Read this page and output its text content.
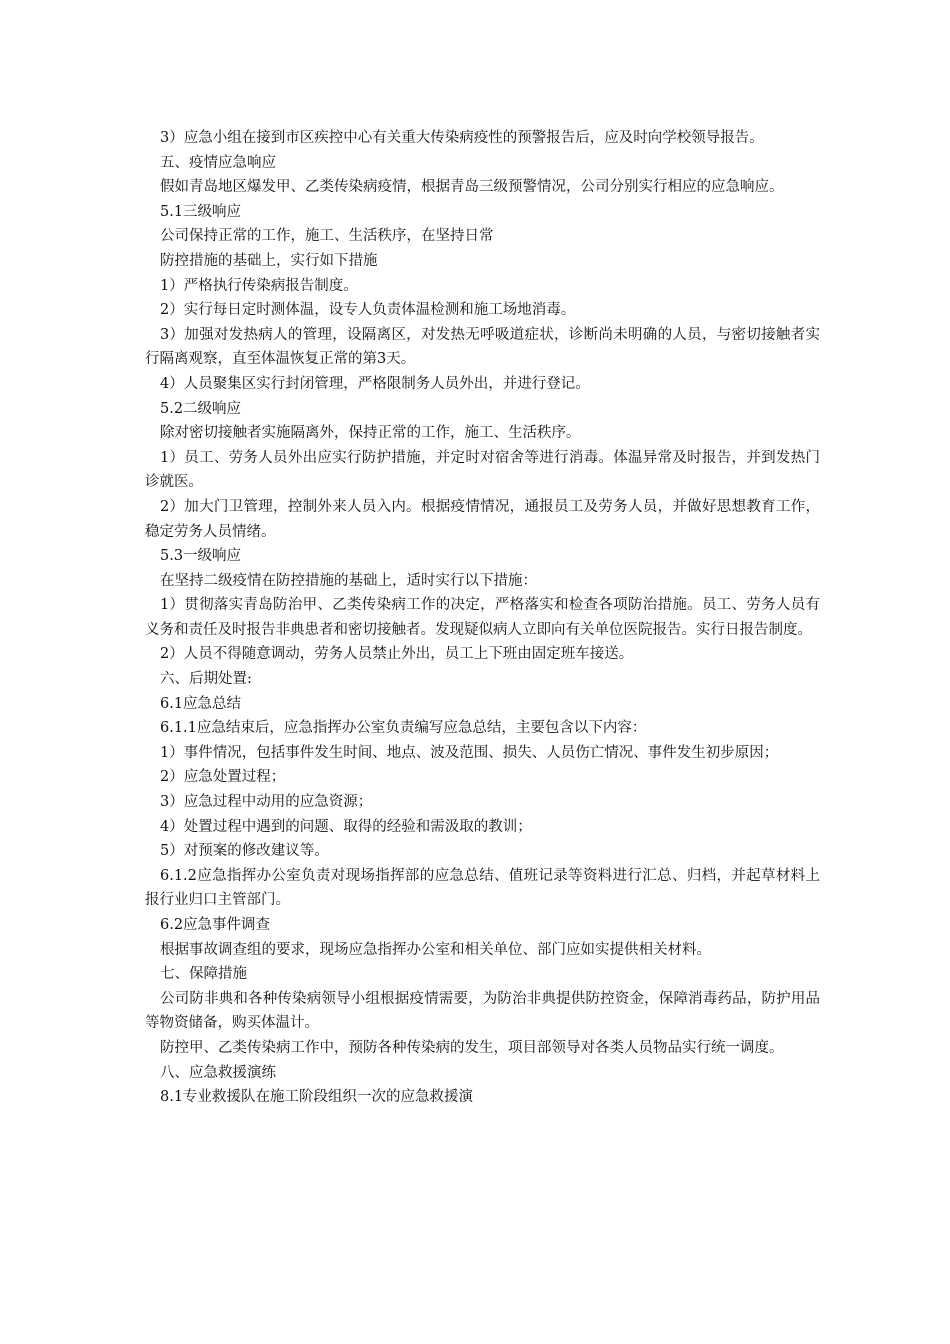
3）应急小组在接到市区疾控中心有关重大传染病疫性的预警报告后，应及时向学校领导报告。

五、疫情应急响应

假如青岛地区爆发甲、乙类传染病疫情，根据青岛三级预警情况，公司分别实行相应的应急响应。

5.1三级响应

公司保持正常的工作，施工、生活秩序，在坚持日常

防控措施的基础上，实行如下措施

1）严格执行传染病报告制度。

2）实行每日定时测体温，设专人负责体温检测和施工场地消毒。

3）加强对发热病人的管理，设隔离区，对发热无呼吸道症状，诊断尚未明确的人员，与密切接触者实行隔离观察，直至体温恢复正常的第3天。

4）人员聚集区实行封闭管理，严格限制务人员外出，并进行登记。

5.2二级响应

除对密切接触者实施隔离外，保持正常的工作，施工、生活秩序。

1）员工、劳务人员外出应实行防护措施，并定时对宿舍等进行消毒。体温异常及时报告，并到发热门诊就医。

2）加大门卫管理，控制外来人员入内。根据疫情情况，通报员工及劳务人员，并做好思想教育工作，稳定劳务人员情绪。

5.3一级响应

在坚持二级疫情在防控措施的基础上，适时实行以下措施：

1）贯彻落实青岛防治甲、乙类传染病工作的决定，严格落实和检查各项防治措施。员工、劳务人员有义务和责任及时报告非典患者和密切接触者。发现疑似病人立即向有关单位医院报告。实行日报告制度。

2）人员不得随意调动，劳务人员禁止外出，员工上下班由固定班车接送。

六、后期处置:

6.1应急总结

6.1.1应急结束后，应急指挥办公室负责编写应急总结，主要包含以下内容：

1）事件情况，包括事件发生时间、地点、波及范围、损失、人员伤亡情况、事件发生初步原因；

2）应急处置过程；

3）应急过程中动用的应急资源；

4）处置过程中遇到的问题、取得的经验和需汲取的教训；

5）对预案的修改建议等。

6.1.2应急指挥办公室负责对现场指挥部的应急总结、值班记录等资料进行汇总、归档，并起草材料上报行业归口主管部门。

6.2应急事件调查

根据事故调查组的要求，现场应急指挥办公室和相关单位、部门应如实提供相关材料。

七、保障措施

公司防非典和各种传染病领导小组根据疫情需要，为防治非典提供防控资金，保障消毒药品，防护用品等物资储备，购买体温计。

防控甲、乙类传染病工作中，预防各种传染病的发生，项目部领导对各类人员物品实行统一调度。

八、应急救援演练

8.1专业救援队在施工阶段组织一次的应急救援演
